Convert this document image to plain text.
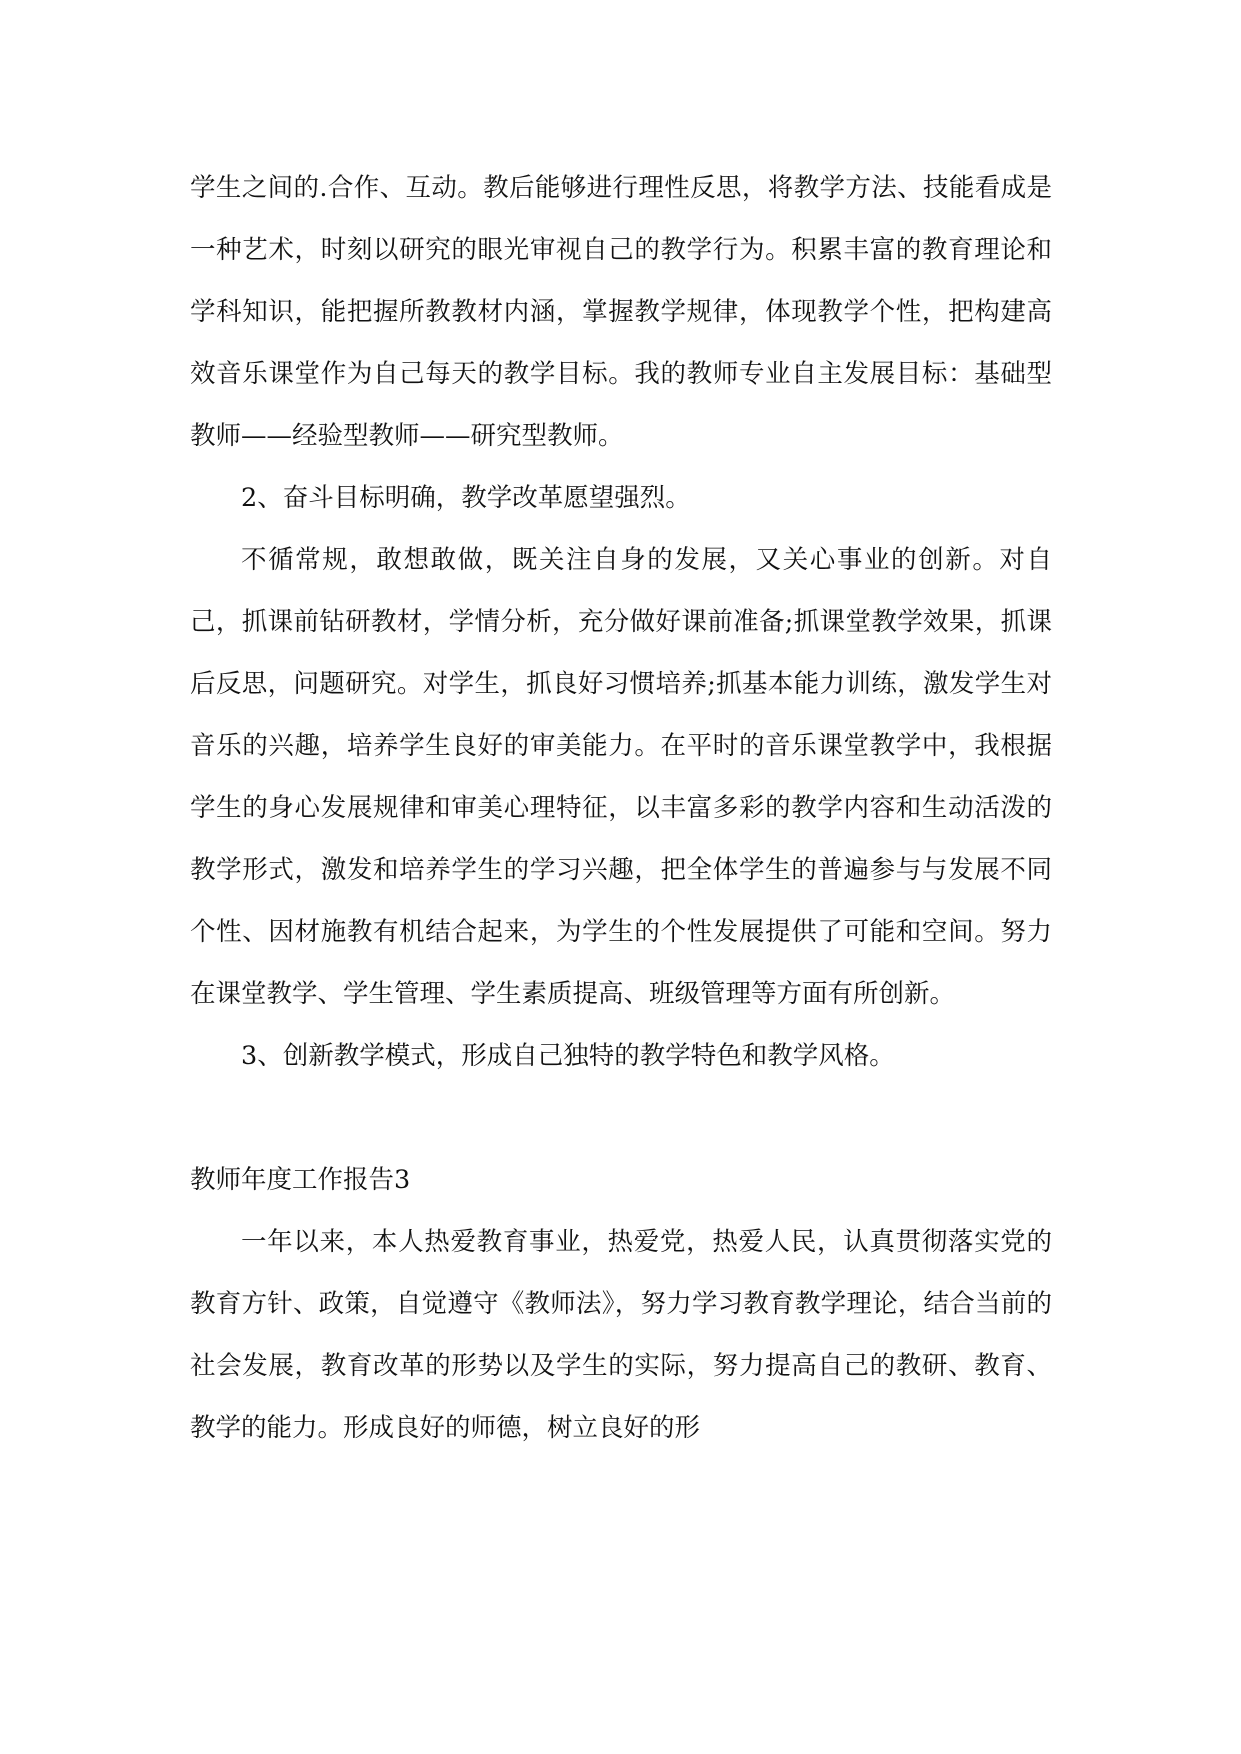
学生之间的.合作、互动。教后能够进行理性反思，将教学方法、技能看成是一种艺术，时刻以研究的眼光审视自己的教学行为。积累丰富的教育理论和学科知识，能把握所教教材内涵，掌握教学规律，体现教学个性，把构建高效音乐课堂作为自己每天的教学目标。我的教师专业自主发展目标：基础型教师——经验型教师——研究型教师。

2、奋斗目标明确，教学改革愿望强烈。

不循常规，敢想敢做，既关注自身的发展，又关心事业的创新。对自己，抓课前钻研教材，学情分析，充分做好课前准备;抓课堂教学效果，抓课后反思，问题研究。对学生，抓良好习惯培养;抓基本能力训练，激发学生对音乐的兴趣，培养学生良好的审美能力。在平时的音乐课堂教学中，我根据学生的身心发展规律和审美心理特征，以丰富多彩的教学内容和生动活泼的教学形式，激发和培养学生的学习兴趣，把全体学生的普遍参与与发展不同个性、因材施教有机结合起来，为学生的个性发展提供了可能和空间。努力在课堂教学、学生管理、学生素质提高、班级管理等方面有所创新。

3、创新教学模式，形成自己独特的教学特色和教学风格。

教师年度工作报告3

一年以来，本人热爱教育事业，热爱党，热爱人民，认真贯彻落实党的教育方针、政策，自觉遵守《教师法》，努力学习教育教学理论，结合当前的社会发展，教育改革的形势以及学生的实际，努力提高自己的教研、教育、教学的能力。形成良好的师德，树立良好的形
